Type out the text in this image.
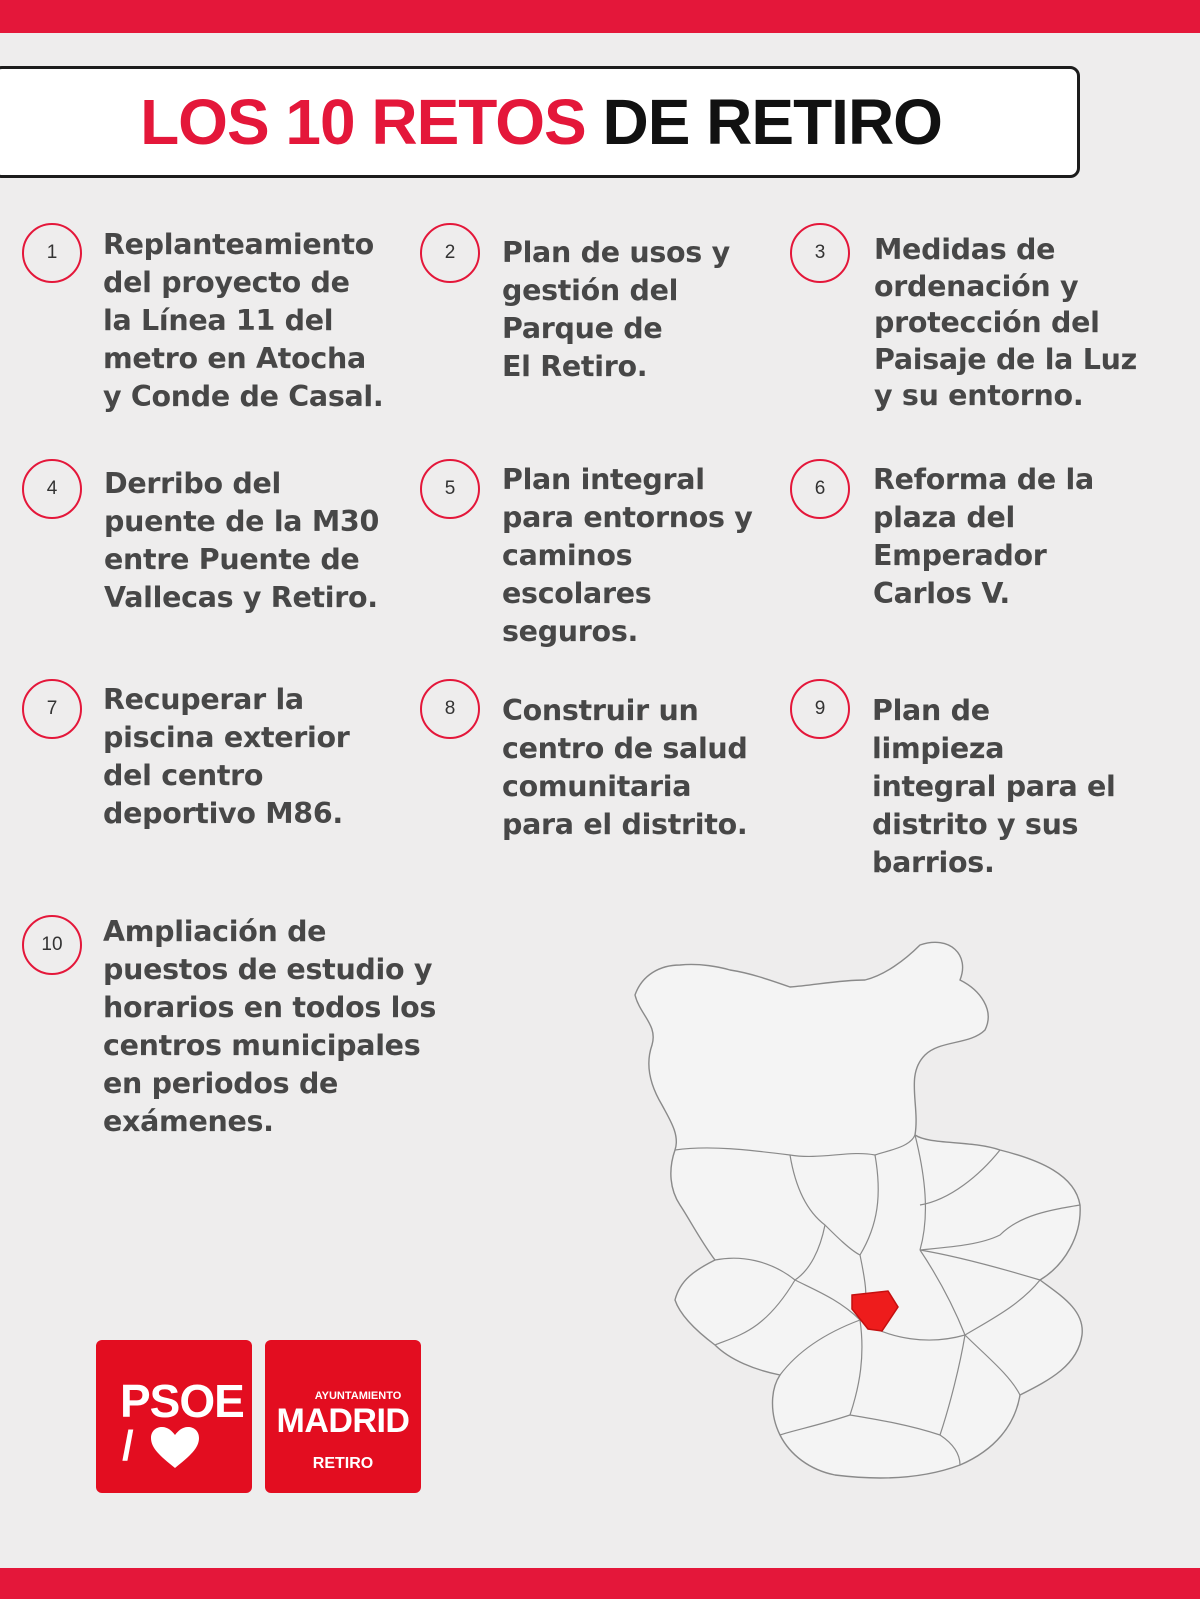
LOS 10 RETOS DE RETIRO
1	Replanteamiento
del proyecto de
la Línea 11 del
metro en Atocha
y Conde de Casal.
2	Plan de usos y
gestión del
Parque de
El Retiro.
3	Medidas de
ordenación y
protección del
Paisaje de la Luz
y su entorno.
4	Derribo del
puente de la M30
entre Puente de
Vallecas y Retiro.
5	Plan integral
para entornos y
caminos
escolares
seguros.
6	Reforma de la
plaza del
Emperador
Carlos V.
7	Recuperar la
piscina exterior
del centro
deportivo M86.
8	Construir un
centro de salud
comunitaria
para el distrito.
9	Plan de
limpieza
integral para el
distrito y sus
barrios.
10	Ampliación de
puestos de estudio y
horarios en todos los
centros municipales
en periodos de
exámenes.
PSOE
/
AYUNTAMIENTO
MADRID
RETIRO
